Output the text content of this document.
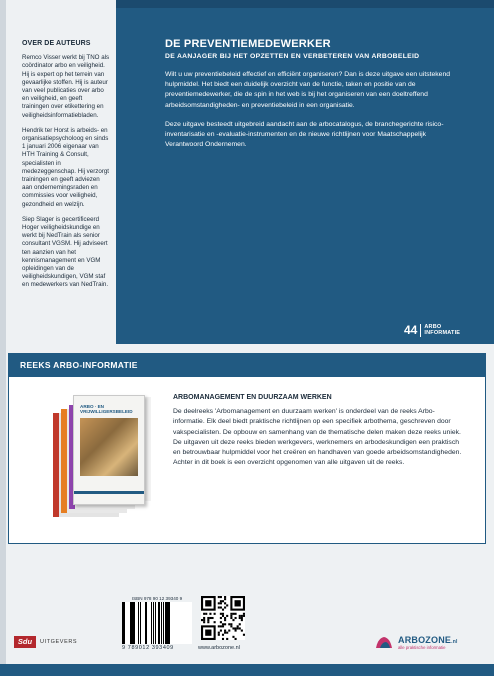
OVER DE AUTEURS

Remco Visser werkt bij TNO als coördinator arbo en veiligheid. Hij is expert op het terrein van gevaarlijke stoffen. Hij is auteur van veel publicaties over arbo en veiligheid, en geeft trainingen over etikettering en veiligheidsinformatiebladen.

Hendrik ter Horst is arbeids- en organisatiepsycholoog en sinds 1 januari 2006 eigenaar van HTH Training & Consult, specialisten in medezeggenschap. Hij verzorgt trainingen en geeft adviezen aan ondernemingsraden en commissies voor veiligheid, gezondheid en welzijn.

Siep Slager is gecertificeerd Hoger veiligheidskundige en werkt bij NedTrain als senior consultant VGSM. Hij adviseert ten aanzien van het kennismanagement en VGM opleidingen van de veiligheidskundigen, VGM staf en medewerkers van NedTrain.

DE PREVENTIEMEDEWERKER
DE AANJAGER BIJ HET OPZETTEN EN VERBETEREN VAN ARBOBELEID

Wilt u uw preventiebeleid effectief en efficiënt organiseren? Dan is deze uitgave een uitstekend hulpmiddel. Het biedt een duidelijk overzicht van de functie, taken en positie van de preventiemedewerker, die de spin in het web is bij het organiseren van een doeltreffend arbeidsomstandigheden- en preventiebeleid in een organisatie.

Deze uitgave besteedt uitgebreid aandacht aan de arbocatalogus, de branchegerichte risico-inventarisatie en -evaluatie-instrumenten en de nieuwe richtlijnen voor Maatschappelijk Verantwoord Ondernemen.

44 ARBO
INFORMATIE
REEKS ARBO-INFORMATIE
ARBO · EN VRIJWILLIGERSBELEID
ARBOMANAGEMENT EN DUURZAAM WERKEN

De deelreeks 'Arbomanagement en duurzaam werken' is onderdeel van de reeks Arbo-informatie. Elk deel biedt praktische richtlijnen op een specifiek arbothema, geschreven door vakspecialisten. De opbouw en samenhang van de thematische delen maken deze reeks uniek.

De uitgaven uit deze reeks bieden werkgevers, werknemers en arbodeskundigen een praktisch en betrouwbaar hulpmiddel voor het creëren en handhaven van goede arbeidsomstandigheden.

Achter in dit boek is een overzicht opgenomen van alle uitgaven uit de reeks.

ISBN 978 90 12 39340 9
9 789012 393409	www.arbozone.nl
Sdu	UITGEVERS	ARBOZONE.nl
alle praktische informatie
